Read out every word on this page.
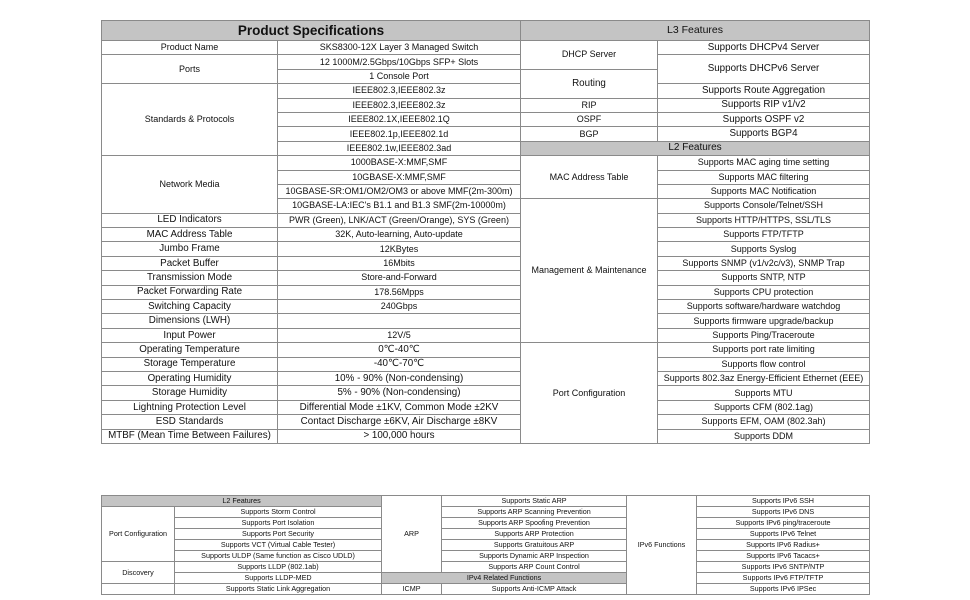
Product Specifications		L3 Features		
Product Name	SKS8300-12X Layer 3 Managed Switch	DHCP Server	Supports DHCPv4 Server	
Ports	12 1000M/2.5Gbps/10Gbps SFP+ Slots			
			Supports DHCPv6 Server	
	1 Console Port	Routing	
Standards & Protocols	IEEE802.3,IEEE802.3z		Supports Route Aggregation	
	IEEE802.3,IEEE802.3z	RIP	Supports RIP v1/v2	
	IEEE802.1X,IEEE802.1Q	OSPF	Supports OSPF v2	
	IEEE802.1p,IEEE802.1d	BGP	Supports BGP4	
	IEEE802.1w,IEEE802.3ad	L2 Features		
Network Media	1000BASE-X:MMF,SMF	MAC Address Table	Supports MAC aging time setting	
	10GBASE-X:MMF,SMF		Supports MAC filtering	
	10GBASE-SR:OM1/OM2/OM3 or above MMF(2m-300m)		Supports MAC Notification	
	10GBASE-LA:IEC's B1.1 and B1.3 SMF(2m-10000m)	Management & Maintenance	Supports Console/Telnet/SSH	
LED Indicators	PWR (Green), LNK/ACT (Green/Orange), SYS (Green)		Supports HTTP/HTTPS, SSL/TLS	
MAC Address Table	32K, Auto-learning, Auto-update		Supports FTP/TFTP	
Jumbo Frame	12KBytes		Supports Syslog	
Packet Buffer	16Mbits		Supports SNMP (v1/v2c/v3), SNMP Trap	
Transmission Mode	Store-and-Forward		Supports SNTP, NTP	
Packet Forwarding Rate	178.56Mpps		Supports CPU protection	
Switching Capacity	240Gbps		Supports software/hardware watchdog	
Dimensions (LWH)			Supports firmware upgrade/backup	
Input Power	12V/5		Supports Ping/Traceroute	
Operating Temperature	0℃-40℃	Port Configuration	Supports port rate limiting	
Storage Temperature	-40℃-70℃		Supports flow control	
Operating Humidity	10% - 90% (Non-condensing)		Supports 802.3az Energy-Efficient Ethernet (EEE)	
Storage Humidity	5% - 90% (Non-condensing)		Supports MTU	
Lightning Protection Level	Differential Mode ±1KV, Common Mode ±2KV		Supports CFM (802.1ag)	
ESD Standards	Contact Discharge ±6KV, Air Discharge ±8KV		Supports EFM, OAM (802.3ah)	
MTBF (Mean Time Between Failures)	> 100,000 hours		Supports DDM	
L2 Features		ARP	Supports Static ARP	IPv6 Functions	Supports IPv6 SSH
Port Configuration	Supports Storm Control		Supports ARP Scanning Prevention		Supports IPv6 DNS
	Supports Port Isolation		Supports ARP Spoofing Prevention		Supports IPv6 ping/traceroute
	Supports Port Security		Supports ARP Protection		Supports IPv6 Telnet
	Supports VCT (Virtual Cable Tester)		Supports Gratuitous ARP		Supports IPv6 Radius+
	Supports ULDP (Same function as Cisco UDLD)		Supports Dynamic ARP Inspection		Supports IPv6 Tacacs+
Discovery	Supports LLDP (802.1ab)		Supports ARP Count Control		Supports IPv6 SNTP/NTP
	Supports LLDP-MED	IPv4 Related Functions			Supports IPv6 FTP/TFTP
	Supports Static Link Aggregation	ICMP	Supports Anti-ICMP Attack		Supports IPv6 IPSec
